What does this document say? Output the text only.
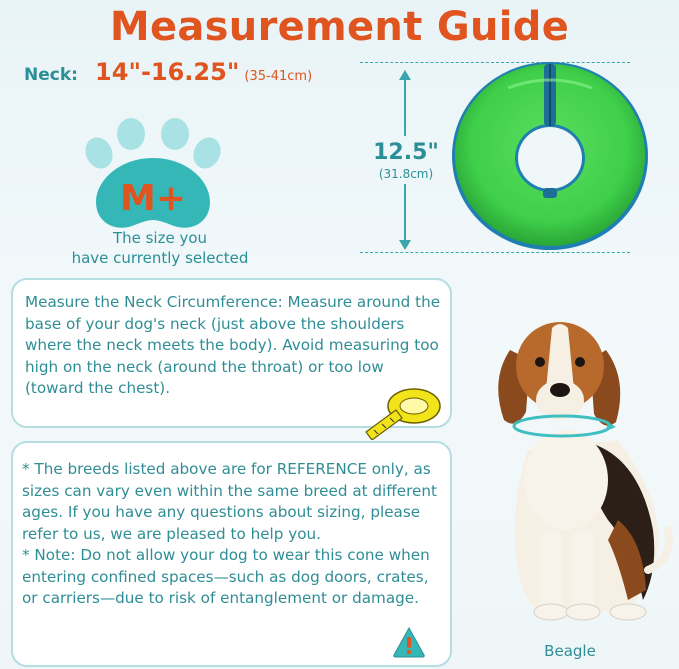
Measurement Guide
Neck: 14"-16.25" (35-41cm)
M+
The size you
have currently selected
12.5"
(31.8cm)
Measure the Neck Circumference: Measure around the base of your dog's neck (just above the shoulders where the neck meets the body). Avoid measuring too high on the neck (around the throat) or too low (toward the chest).

* The breeds listed above are for REFERENCE only, as sizes can vary even within the same breed at different ages. If you have any questions about sizing, please refer to us, we are pleased to help you.

* Note: Do not allow your dog to wear this cone when entering confined spaces—such as dog doors, crates, or carriers—due to risk of entanglement or damage.

Beagle
